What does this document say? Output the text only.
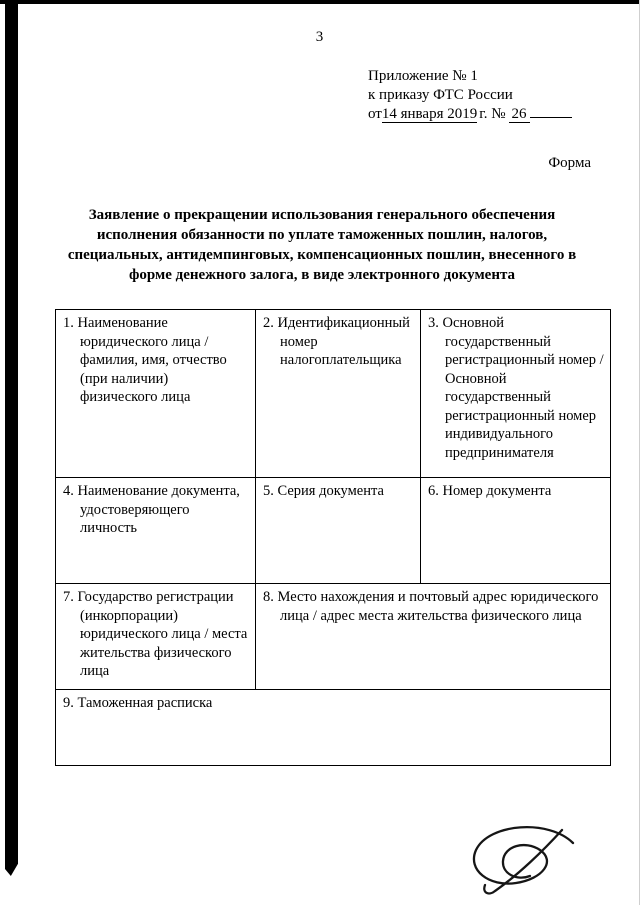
3
Приложение № 1
к приказу ФТС России
от14 января 2019 г. № 26
Форма
Заявление о прекращении использования генерального обеспечения исполнения обязанности по уплате таможенных пошлин, налогов, специальных, антидемпинговых, компенсационных пошлин, внесенного в форме денежного залога, в виде электронного документа
1. Наименование юридического лица / фамилия, имя, отчество (при наличии) физического лица	2. Идентификационный номер налогоплательщика	3. Основной государственный регистрационный номер / Основной государственный регистрационный номер индивидуального предпринимателя

4. Наименование документа, удостоверяющего личность	5. Серия документа	6. Номер документа

7. Государство регистрации (инкорпорации) юридического лица / места жительства физического лица	8. Место нахождения и почтовый адрес юридического лица / адрес места жительства физического лица	

9. Таможенная расписка		
